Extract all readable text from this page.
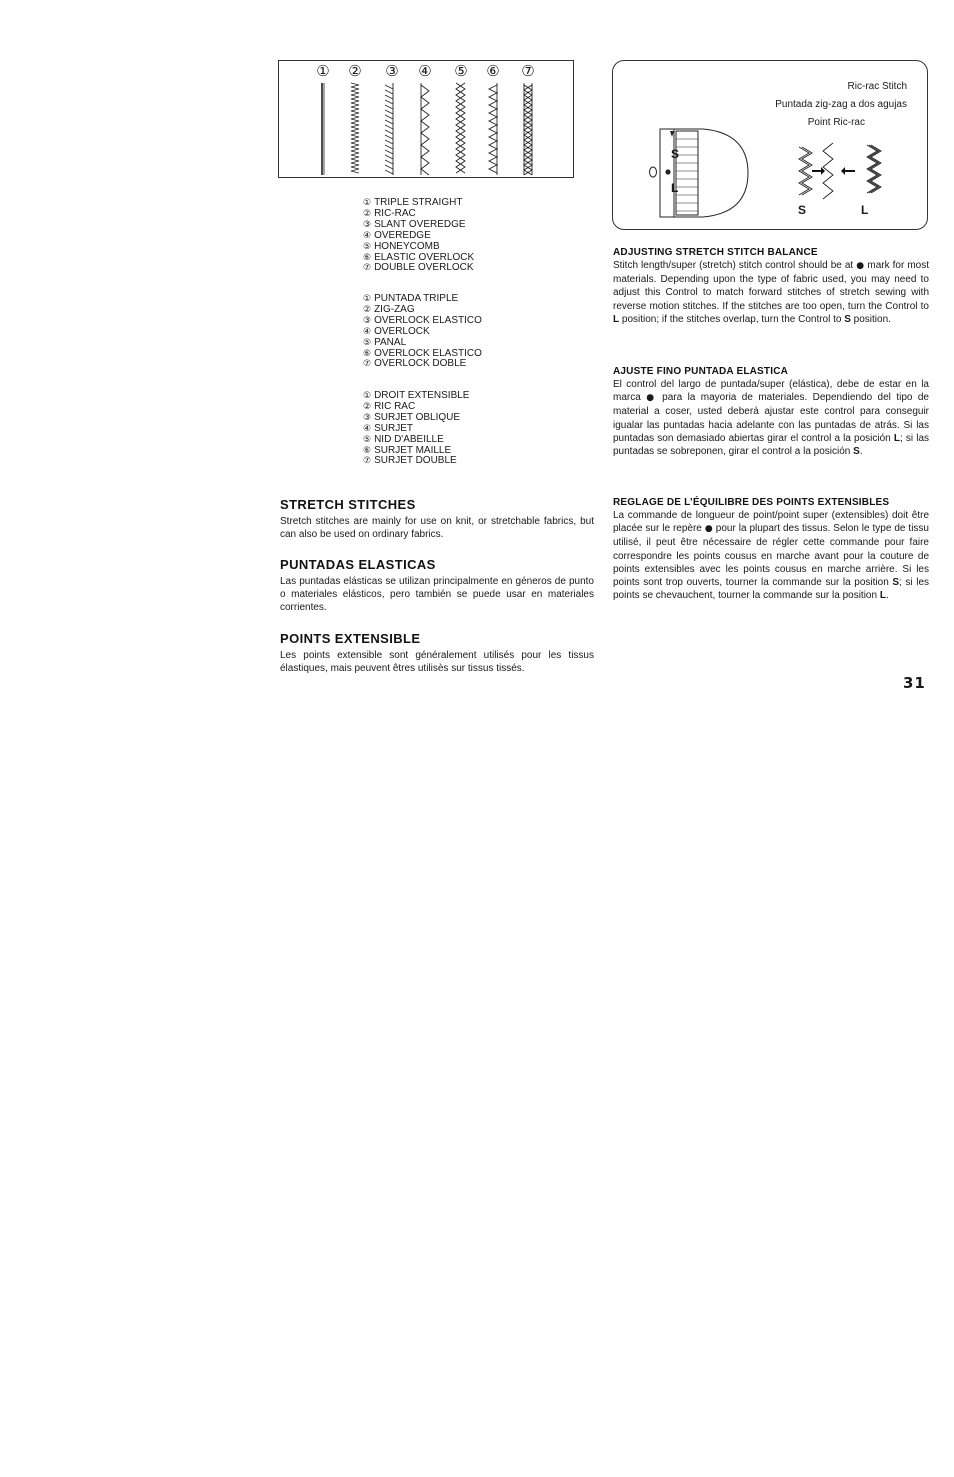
① ② ③ ④ ⑤ ⑥ ⑦
① TRIPLE STRAIGHT
② RIC-RAC
③ SLANT OVEREDGE
④ OVEREDGE
⑤ HONEYCOMB
⑥ ELASTIC OVERLOCK
⑦ DOUBLE OVERLOCK
① PUNTADA TRIPLE
② ZIG-ZAG
③ OVERLOCK ELASTICO
④ OVERLOCK
⑤ PANAL
⑥ OVERLOCK ELASTICO
⑦ OVERLOCK DOBLE
① DROIT EXTENSIBLE
② RIC RAC
③ SURJET OBLIQUE
④ SURJET
⑤ NID D'ABEILLE
⑥ SURJET MAILLE
⑦ SURJET DOUBLE
STRETCH STITCHES

Stretch stitches are mainly for use on knit, or stretchable fabrics, but can also be used on ordinary fabrics.

PUNTADAS ELASTICAS

Las puntadas elásticas se utilizan principalmente en géneros de punto o materiales elásticos, pero también se puede usar en materiales corrientes.

POINTS EXTENSIBLE

Les points extensible sont généralement utilisés pour les tissus élastiques, mais peuvent êtres utilisès sur tissus tissés.

Ric-rac Stitch
Puntada zig-zag a dos agujas
Point Ric-rac
S
L
S	L
ADJUSTING STRETCH STITCH BALANCE

Stitch length/super (stretch) stitch control should be at ● mark for most materials. Depending upon the type of fabric used, you may need to adjust this Control to match forward stitches of stretch sewing with reverse motion stitches. If the stitches are too open, turn the Control to L position; if the stitches overlap, turn the Control to S position.

AJUSTE FINO PUNTADA ELASTICA

El control del largo de puntada/super (elástica), debe de estar en la marca ● para la mayoria de materiales. Dependiendo del tipo de material a coser, usted deberá ajustar este control para conseguir igualar las puntadas hacia adelante con las puntadas de atrás. Si las puntadas son demasiado abiertas girar el control a la posición L; si las puntadas se sobreponen, girar el control a la posición S.

REGLAGE DE L’ÉQUILIBRE DES POINTS EXTENSIBLES

La commande de longueur de point/point super (extensibles) doit être placée sur le repère ● pour la plupart des tissus. Selon le type de tissu utilisé, il peut être nécessaire de régler cette commande pour faire correspondre les points cousus en marche avant pour la couture de points extensibles avec les points cousus en marche arrière. Si les points sont trop ouverts, tourner la commande sur la position S; si les points se chevauchent, tourner la commande sur la position L.

31
